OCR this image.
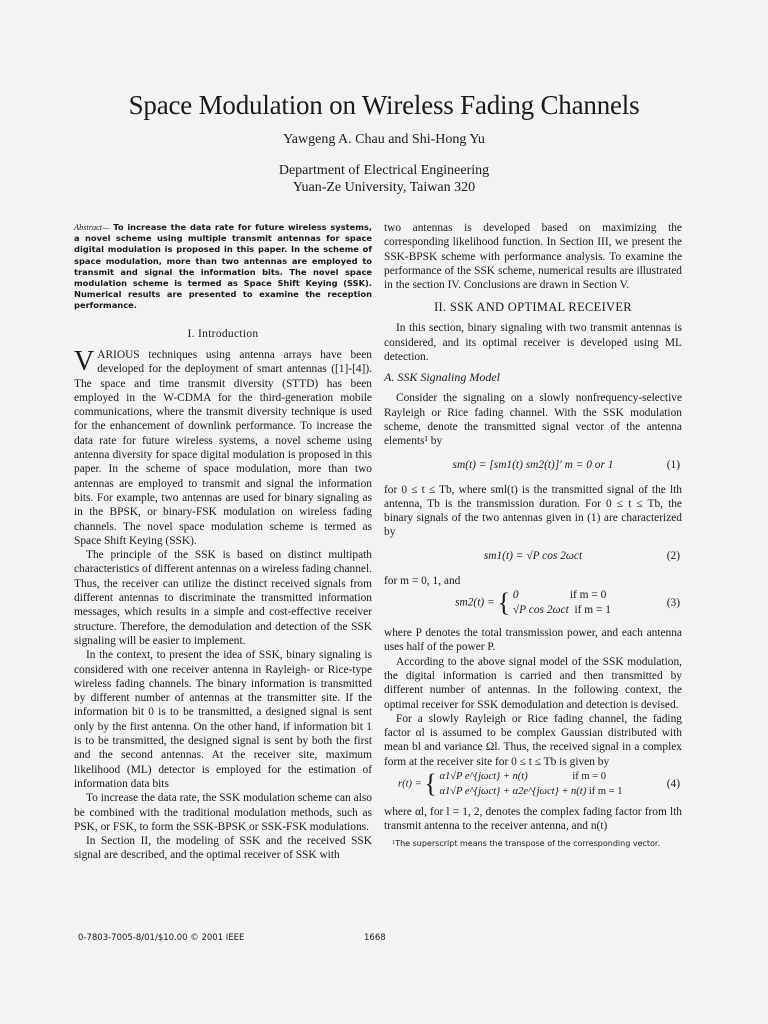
Space Modulation on Wireless Fading Channels
Yawgeng A. Chau and Shi-Hong Yu
Department of Electrical Engineering
Yuan-Ze University, Taiwan 320
Abstract— To increase the data rate for future wireless systems, a novel scheme using multiple transmit antennas for space digital modulation is proposed in this paper. In the scheme of space modulation, more than two antennas are employed to transmit and signal the information bits. The novel space modulation scheme is termed as Space Shift Keying (SSK). Numerical results are presented to examine the reception performance.
I. Introduction

VARIOUS techniques using antenna arrays have been developed for the deployment of smart antennas ([1]-[4]). The space and time transmit diversity (STTD) has been employed in the W-CDMA for the third-generation mobile communications, where the transmit diversity technique is used for the enhancement of downlink performance. To increase the data rate for future wireless systems, a novel scheme using antenna diversity for space digital modulation is proposed in this paper. In the scheme of space modulation, more than two antennas are employed to transmit and signal the information bits. For example, two antennas are used for binary signaling as in the BPSK, or binary-FSK modulation on wireless fading channels. The novel space modulation scheme is termed as Space Shift Keying (SSK).

The principle of the SSK is based on distinct multipath characteristics of different antennas on a wireless fading channel. Thus, the receiver can utilize the distinct received signals from different antennas to discriminate the transmitted information messages, which results in a simple and cost-effective receiver structure. Therefore, the demodulation and detection of the SSK signaling will be easier to implement.

In the context, to present the idea of SSK, binary signaling is considered with one receiver antenna in Rayleigh- or Rice-type wireless fading channels. The binary information is transmitted by different number of antennas at the transmitter site. If the information bit 0 is to be transmitted, a designed signal is sent only by the first antenna. On the other hand, if information bit 1 is to be transmitted, the designed signal is sent by both the first and the second antennas. At the receiver site, maximum likelihood (ML) detector is employed for the estimation of information data bits

To increase the data rate, the SSK modulation scheme can also be combined with the traditional modulation methods, such as PSK, or FSK, to form the SSK-BPSK or SSK-FSK modulations.

In Section II, the modeling of SSK and the received SSK signal are described, and the optimal receiver of SSK with

two antennas is developed based on maximizing the corresponding likelihood function. In Section III, we present the SSK-BPSK scheme with performance analysis. To examine the performance of the SSK scheme, numerical results are illustrated in the section IV. Conclusions are drawn in Section V.

II. SSK AND OPTIMAL RECEIVER

In this section, binary signaling with two transmit antennas is considered, and its optimal receiver is developed using ML detection.

A. SSK Signaling Model

Consider the signaling on a slowly nonfrequency-selective Rayleigh or Rice fading channel. With the SSK modulation scheme, denote the transmitted signal vector of the antenna elements¹ by

sm(t) = [sm1(t) sm2(t)]′ m = 0 or 1	(1)

for 0 ≤ t ≤ Tb, where sml(t) is the transmitted signal of the lth antenna, Tb is the transmission duration. For 0 ≤ t ≤ Tb, the binary signals of the two antennas given in (1) are characterized by

sm1(t) = √P cos 2ωct	(2)

for m = 0, 1, and

sm2(t) = { 0	if m = 0
√P cos 2ωct if m = 1
(3)

where P denotes the total transmission power, and each antenna uses half of the power P.

According to the above signal model of the SSK modulation, the digital information is carried and then transmitted by different number of antennas. In the following context, the optimal receiver for SSK demodulation and detection is devised.

For a slowly Rayleigh or Rice fading channel, the fading factor αl is assumed to be complex Gaussian distributed with mean bl and variance Ωl. Thus, the received signal in a complex form at the receiver site for 0 ≤ t ≤ Tb is given by

r(t) = { α1√P e^{jωct} + n(t)	if m = 0
α1√P e^{jωct} + α2e^{jωct} + n(t) if m = 1
(4)

where αl, for l = 1, 2, denotes the complex fading factor from lth transmit antenna to the receiver antenna, and n(t)

¹The superscript means the transpose of the corresponding vector.
0-7803-7005-8/01/$10.00 © 2001 IEEE	1668
